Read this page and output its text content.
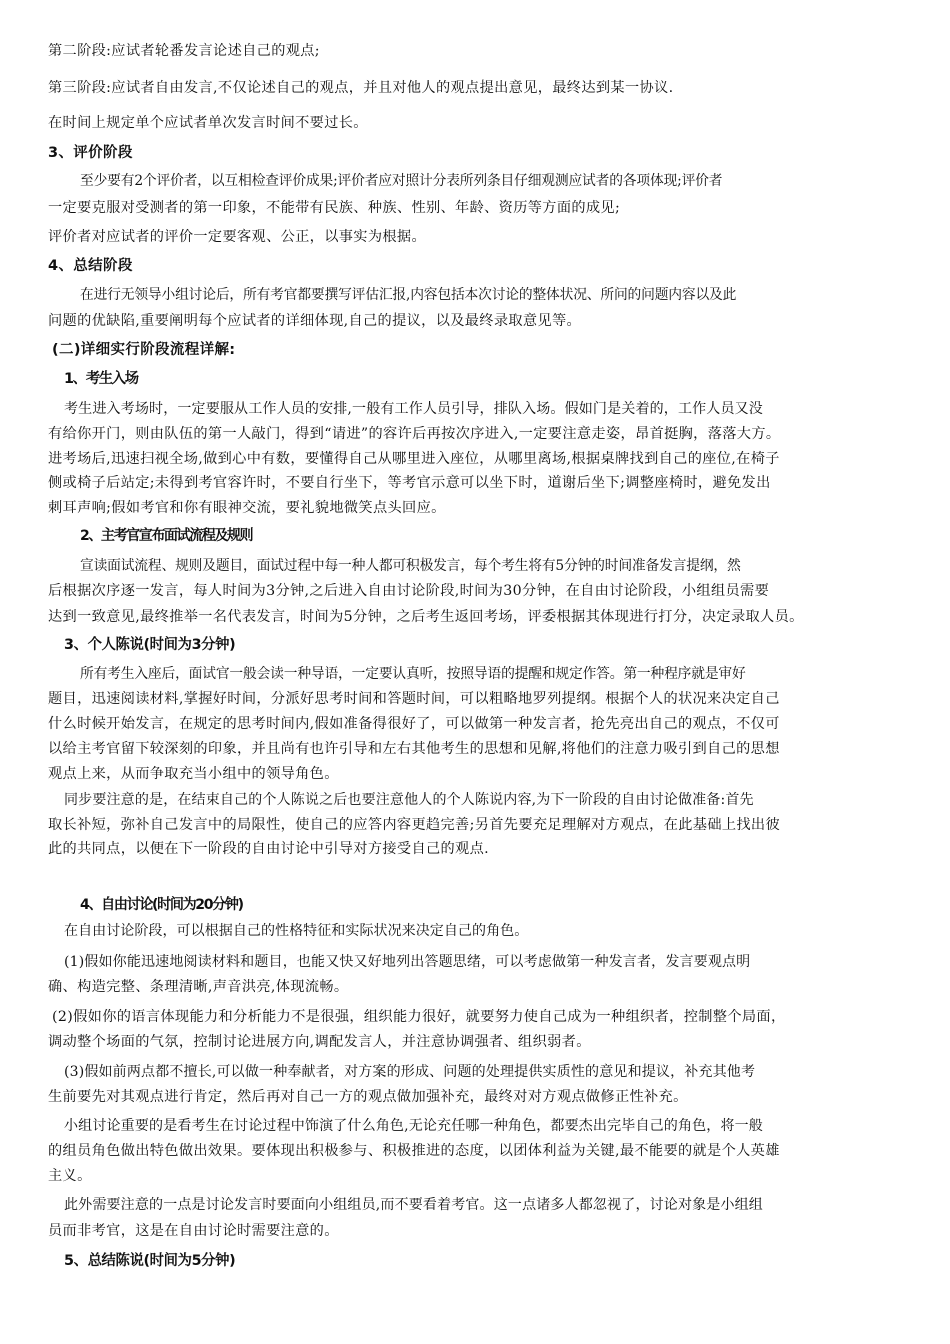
第二阶段:应试者轮番发言论述自己的观点;
第三阶段:应试者自由发言,不仅论述自己的观点，并且对他人的观点提出意见，最终达到某一协议.
在时间上规定单个应试者单次发言时间不要过长。
3、评价阶段
至少要有2个评价者，以互相检查评价成果;评价者应对照计分表所列条目仔细观测应试者的各项体现;评价者
一定要克服对受测者的第一印象，不能带有民族、种族、性别、年龄、资历等方面的成见;
评价者对应试者的评价一定要客观、公正，以事实为根据。
4、总结阶段
在进行无领导小组讨论后，所有考官都要撰写评估汇报,内容包括本次讨论的整体状况、所问的问题内容以及此
问题的优缺陷,重要阐明每个应试者的详细体现,自己的提议，以及最终录取意见等。
(二)详细实行阶段流程详解:
1、考生入场
考生进入考场时，一定要服从工作人员的安排,一般有工作人员引导，排队入场。假如门是关着的，工作人员又没
有给你开门，则由队伍的第一人敲门，得到“请进”的容许后再按次序进入,一定要注意走姿，昂首挺胸，落落大方。
进考场后,迅速扫视全场,做到心中有数，要懂得自己从哪里进入座位，从哪里离场,根据桌牌找到自己的座位,在椅子
侧或椅子后站定;未得到考官容许时，不要自行坐下，等考官示意可以坐下时，道谢后坐下;调整座椅时，避免发出
刺耳声响;假如考官和你有眼神交流，要礼貌地微笑点头回应。
2、主考官宣布面试流程及规则
宣读面试流程、规则及题目，面试过程中每一种人都可积极发言，每个考生将有5分钟的时间准备发言提纲，然
后根据次序逐一发言，每人时间为3分钟,之后进入自由讨论阶段,时间为30分钟，在自由讨论阶段，小组组员需要
达到一致意见,最终推举一名代表发言，时间为5分钟，之后考生返回考场，评委根据其体现进行打分，决定录取人员。
3、个人陈说(时间为3分钟)
所有考生入座后，面试官一般会读一种导语，一定要认真听，按照导语的提醒和规定作答。第一种程序就是审好
题目，迅速阅读材料,掌握好时间，分派好思考时间和答题时间，可以粗略地罗列提纲。根据个人的状况来决定自己
什么时候开始发言，在规定的思考时间内,假如准备得很好了，可以做第一种发言者，抢先亮出自己的观点，不仅可
以给主考官留下较深刻的印象，并且尚有也许引导和左右其他考生的思想和见解,将他们的注意力吸引到自己的思想
观点上来，从而争取充当小组中的领导角色。
同步要注意的是，在结束自己的个人陈说之后也要注意他人的个人陈说内容,为下一阶段的自由讨论做准备:首先
取长补短，弥补自己发言中的局限性，使自己的应答内容更趋完善;另首先要充足理解对方观点，在此基础上找出彼
此的共同点，以便在下一阶段的自由讨论中引导对方接受自己的观点.
4、自由讨论(时间为20分钟)
在自由讨论阶段，可以根据自己的性格特征和实际状况来决定自己的角色。
(1)假如你能迅速地阅读材料和题目，也能又快又好地列出答题思绪，可以考虑做第一种发言者，发言要观点明
确、构造完整、条理清晰,声音洪亮,体现流畅。
(2)假如你的语言体现能力和分析能力不是很强，组织能力很好，就要努力使自己成为一种组织者，控制整个局面，
调动整个场面的气氛，控制讨论进展方向,调配发言人，并注意协调强者、组织弱者。
(3)假如前两点都不擅长,可以做一种奉献者，对方案的形成、问题的处理提供实质性的意见和提议，补充其他考
生前要先对其观点进行肯定，然后再对自己一方的观点做加强补充，最终对对方观点做修正性补充。
小组讨论重要的是看考生在讨论过程中饰演了什么角色,无论充任哪一种角色，都要杰出完毕自己的角色，将一般
的组员角色做出特色做出效果。要体现出积极参与、积极推进的态度，以团体利益为关键,最不能要的就是个人英雄
主义。
此外需要注意的一点是讨论发言时要面向小组组员,而不要看着考官。这一点诸多人都忽视了，讨论对象是小组组
员而非考官，这是在自由讨论时需要注意的。
5、总结陈说(时间为5分钟)
